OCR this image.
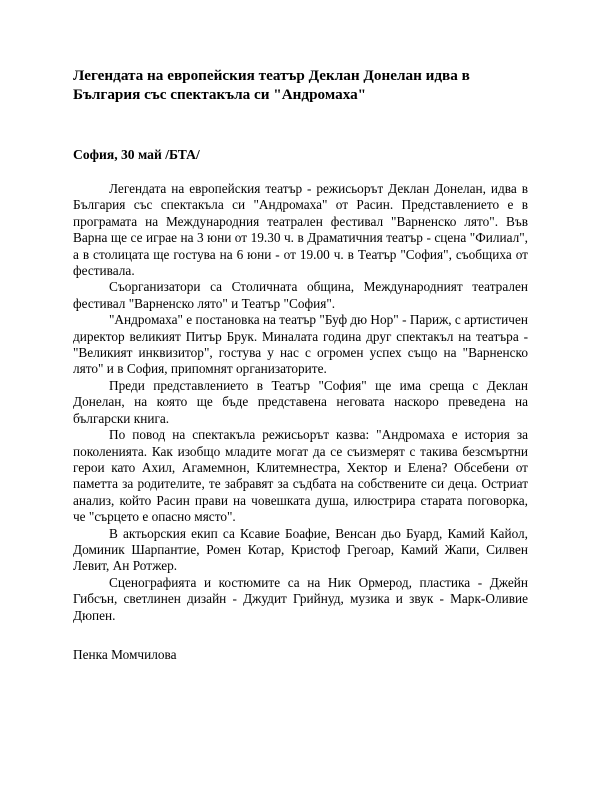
Легендата на европейския театър Деклан Донелан идва в България със спектакъла си "Андромаха"

София, 30 май /БТА/

Легендата на европейския театър - режисьорът Деклан Донелан, идва в България със спектакъла си "Андромаха" от Расин. Представлението е в програмата на Международния театрален фестивал "Варненско лято". Във Варна ще се играе на 3 юни от 19.30 ч. в Драматичния театър - сцена "Филиал", а в столицата ще гостува на 6 юни - от 19.00 ч. в Театър "София", съобщиха от фестивала.

Съорганизатори са Столичната община, Международният театрален фестивал "Варненско лято" и Театър "София".

"Андромаха" е постановка на театър "Буф дю Нор" - Париж, с артистичен директор великият Питър Брук. Миналата година друг спектакъл на театъра - "Великият инквизитор", гостува у нас с огромен успех също на "Варненско лято" и в София, припомнят организаторите.

Преди представлението в Театър "София" ще има среща с Деклан Донелан, на която ще бъде представена неговата наскоро преведена на български книга.

По повод на спектакъла режисьорът казва: "Андромаха е история за поколенията. Как изобщо младите могат да се съизмерят с такива безсмъртни герои като Ахил, Агамемнон, Клитемнестра, Хектор и Елена? Обсебени от паметта за родителите, те забравят за съдбата на собствените си деца. Остриат анализ, който Расин прави на човешката душа, илюстрира старата поговорка, че "сърцето е опасно място".

В актьорския екип са Ксавие Боафие, Венсан дьо Буард, Камий Кайол, Доминик Шарпантие, Ромен Котар, Кристоф Грегоар, Камий Жапи, Силвен Левит, Ан Ротжер.

Сценографията и костюмите са на Ник Ормерод, пластика - Джейн Гибсън, светлинен дизайн - Джудит Грийнуд, музика и звук - Марк-Оливие Дюпен.

Пенка Момчилова
